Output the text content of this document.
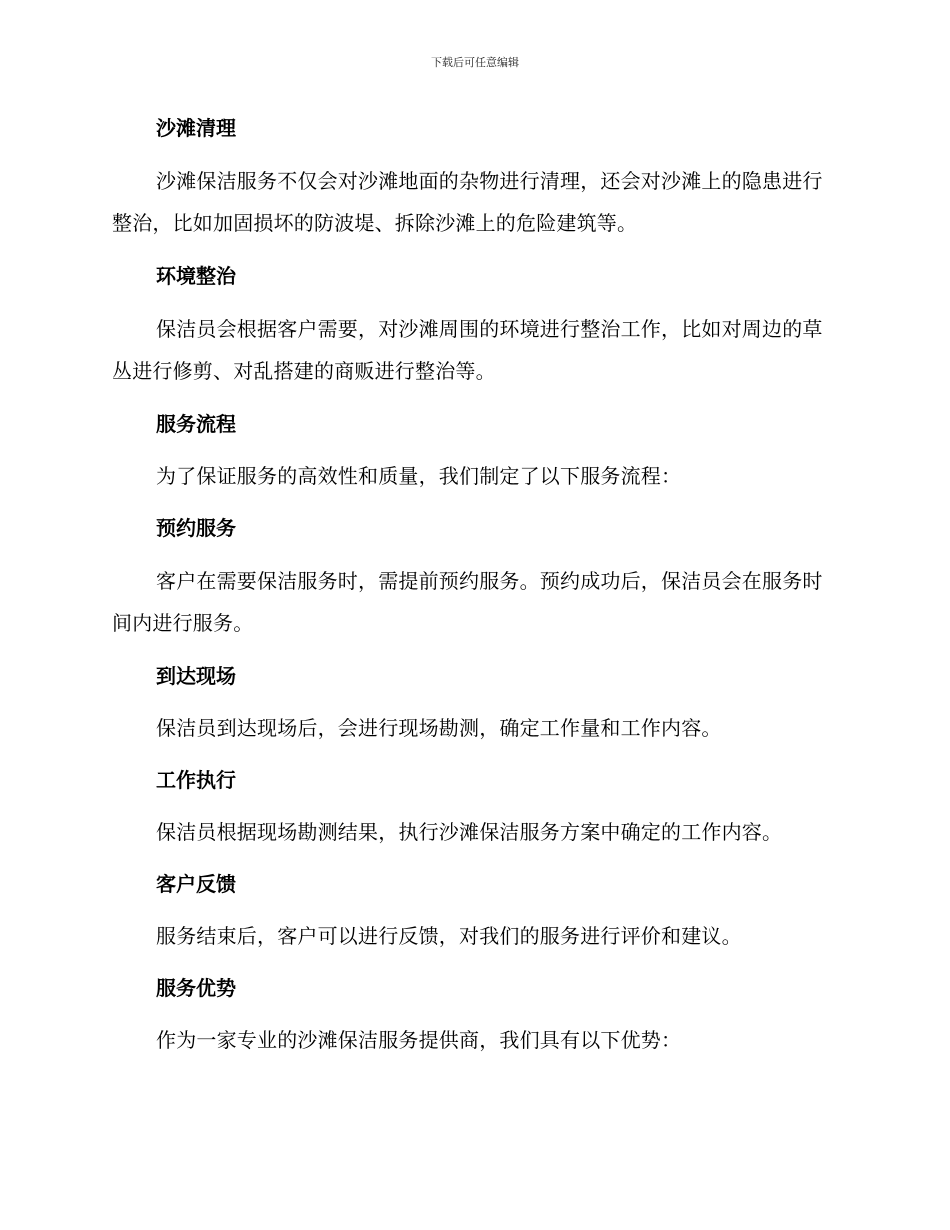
下载后可任意编辑
沙滩清理
沙滩保洁服务不仅会对沙滩地面的杂物进行清理，还会对沙滩上的隐患进行整治，比如加固损坏的防波堤、拆除沙滩上的危险建筑等。
环境整治
保洁员会根据客户需要，对沙滩周围的环境进行整治工作，比如对周边的草丛进行修剪、对乱搭建的商贩进行整治等。
服务流程
为了保证服务的高效性和质量，我们制定了以下服务流程：
预约服务
客户在需要保洁服务时，需提前预约服务。预约成功后，保洁员会在服务时间内进行服务。
到达现场
保洁员到达现场后，会进行现场勘测，确定工作量和工作内容。
工作执行
保洁员根据现场勘测结果，执行沙滩保洁服务方案中确定的工作内容。
客户反馈
服务结束后，客户可以进行反馈，对我们的服务进行评价和建议。
服务优势
作为一家专业的沙滩保洁服务提供商，我们具有以下优势：
